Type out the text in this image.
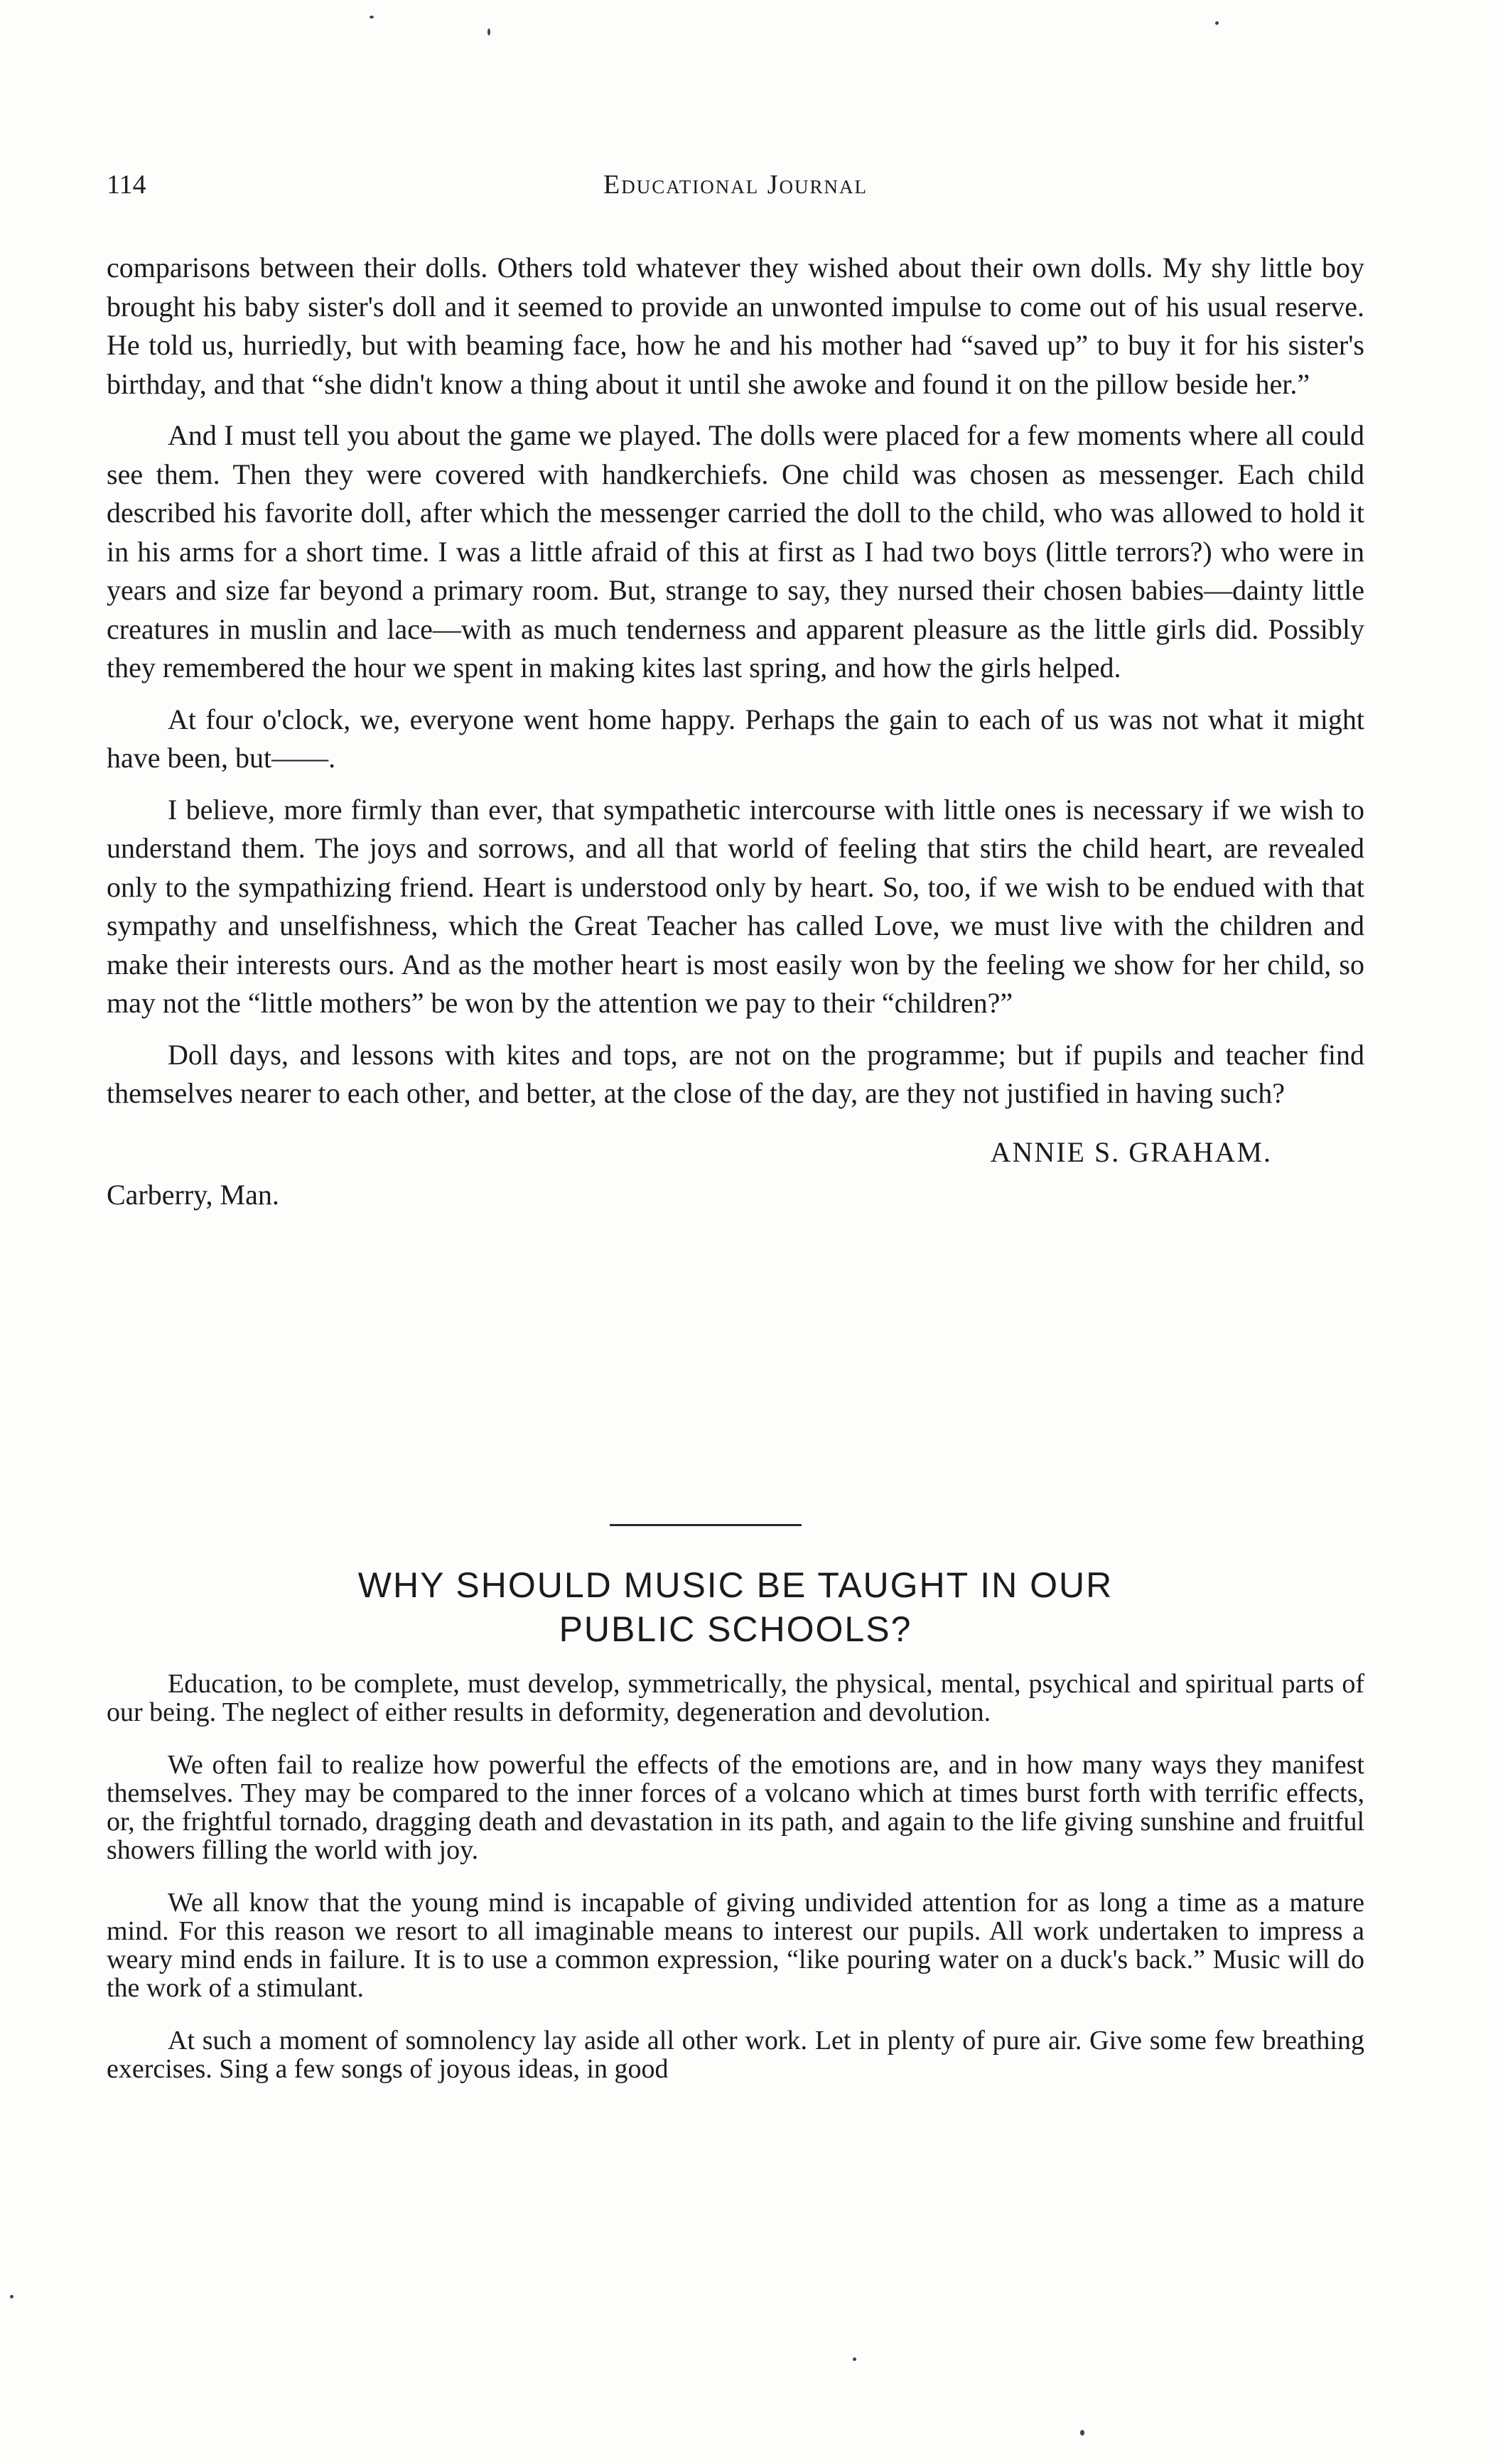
114	Educational Journal

comparisons between their dolls. Others told whatever they wished about their own dolls. My shy little boy brought his baby sister's doll and it seemed to provide an unwonted impulse to come out of his usual reserve. He told us, hurriedly, but with beaming face, how he and his mother had “saved up” to buy it for his sister's birthday, and that “she didn't know a thing about it until she awoke and found it on the pillow beside her.”

And I must tell you about the game we played. The dolls were placed for a few moments where all could see them. Then they were covered with handkerchiefs. One child was chosen as messenger. Each child described his favorite doll, after which the messenger carried the doll to the child, who was allowed to hold it in his arms for a short time. I was a little afraid of this at first as I had two boys (little terrors?) who were in years and size far beyond a primary room. But, strange to say, they nursed their chosen babies—dainty little creatures in muslin and lace—with as much tenderness and apparent pleasure as the little girls did. Possibly they remembered the hour we spent in making kites last spring, and how the girls helped.

At four o'clock, we, everyone went home happy. Perhaps the gain to each of us was not what it might have been, but——.

I believe, more firmly than ever, that sympathetic intercourse with little ones is necessary if we wish to understand them. The joys and sorrows, and all that world of feeling that stirs the child heart, are revealed only to the sympathizing friend. Heart is understood only by heart. So, too, if we wish to be endued with that sympathy and unselfishness, which the Great Teacher has called Love, we must live with the children and make their interests ours. And as the mother heart is most easily won by the feeling we show for her child, so may not the “little mothers” be won by the attention we pay to their “children?”

Doll days, and lessons with kites and tops, are not on the programme; but if pupils and teacher find themselves nearer to each other, and better, at the close of the day, are they not justified in having such?

ANNIE S. GRAHAM.
Carberry, Man.
WHY SHOULD MUSIC BE TAUGHT IN OUR
PUBLIC SCHOOLS?

Education, to be complete, must develop, symmetrically, the physical, mental, psychical and spiritual parts of our being. The neglect of either results in deformity, degeneration and devolution.

We often fail to realize how powerful the effects of the emotions are, and in how many ways they manifest themselves. They may be compared to the inner forces of a volcano which at times burst forth with terrific effects, or, the frightful tornado, dragging death and devastation in its path, and again to the life giving sunshine and fruitful showers filling the world with joy.

We all know that the young mind is incapable of giving undivided attention for as long a time as a mature mind. For this reason we resort to all imaginable means to interest our pupils. All work undertaken to impress a weary mind ends in failure. It is to use a common expression, “like pouring water on a duck's back.” Music will do the work of a stimulant.

At such a moment of somnolency lay aside all other work. Let in plenty of pure air. Give some few breathing exercises. Sing a few songs of joyous ideas, in good
